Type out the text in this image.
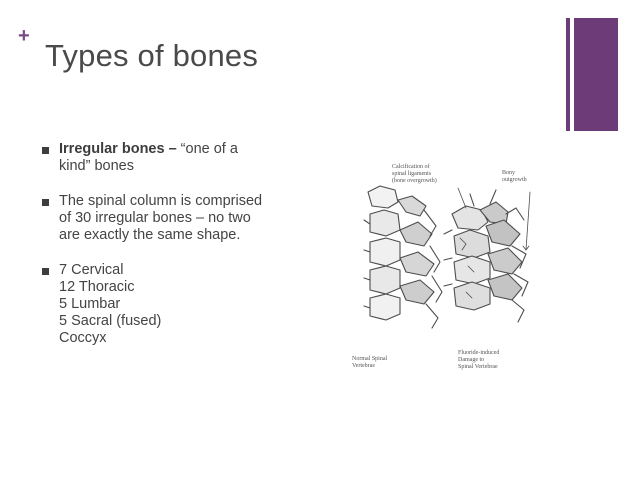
+
Types of bones
Irregular bones – “one of a
kind” bones
The spinal column is comprised
of 30 irregular bones – no two
are exactly the same shape.
7 Cervical
12 Thoracic
5 Lumbar
5 Sacral (fused)
Coccyx
Calcification of
spinal ligaments
(bone overgrowth)
Bony
outgrowth
Normal Spinal
Vertebrae
Fluoride-induced
Damage to
Spinal Vertebrae
